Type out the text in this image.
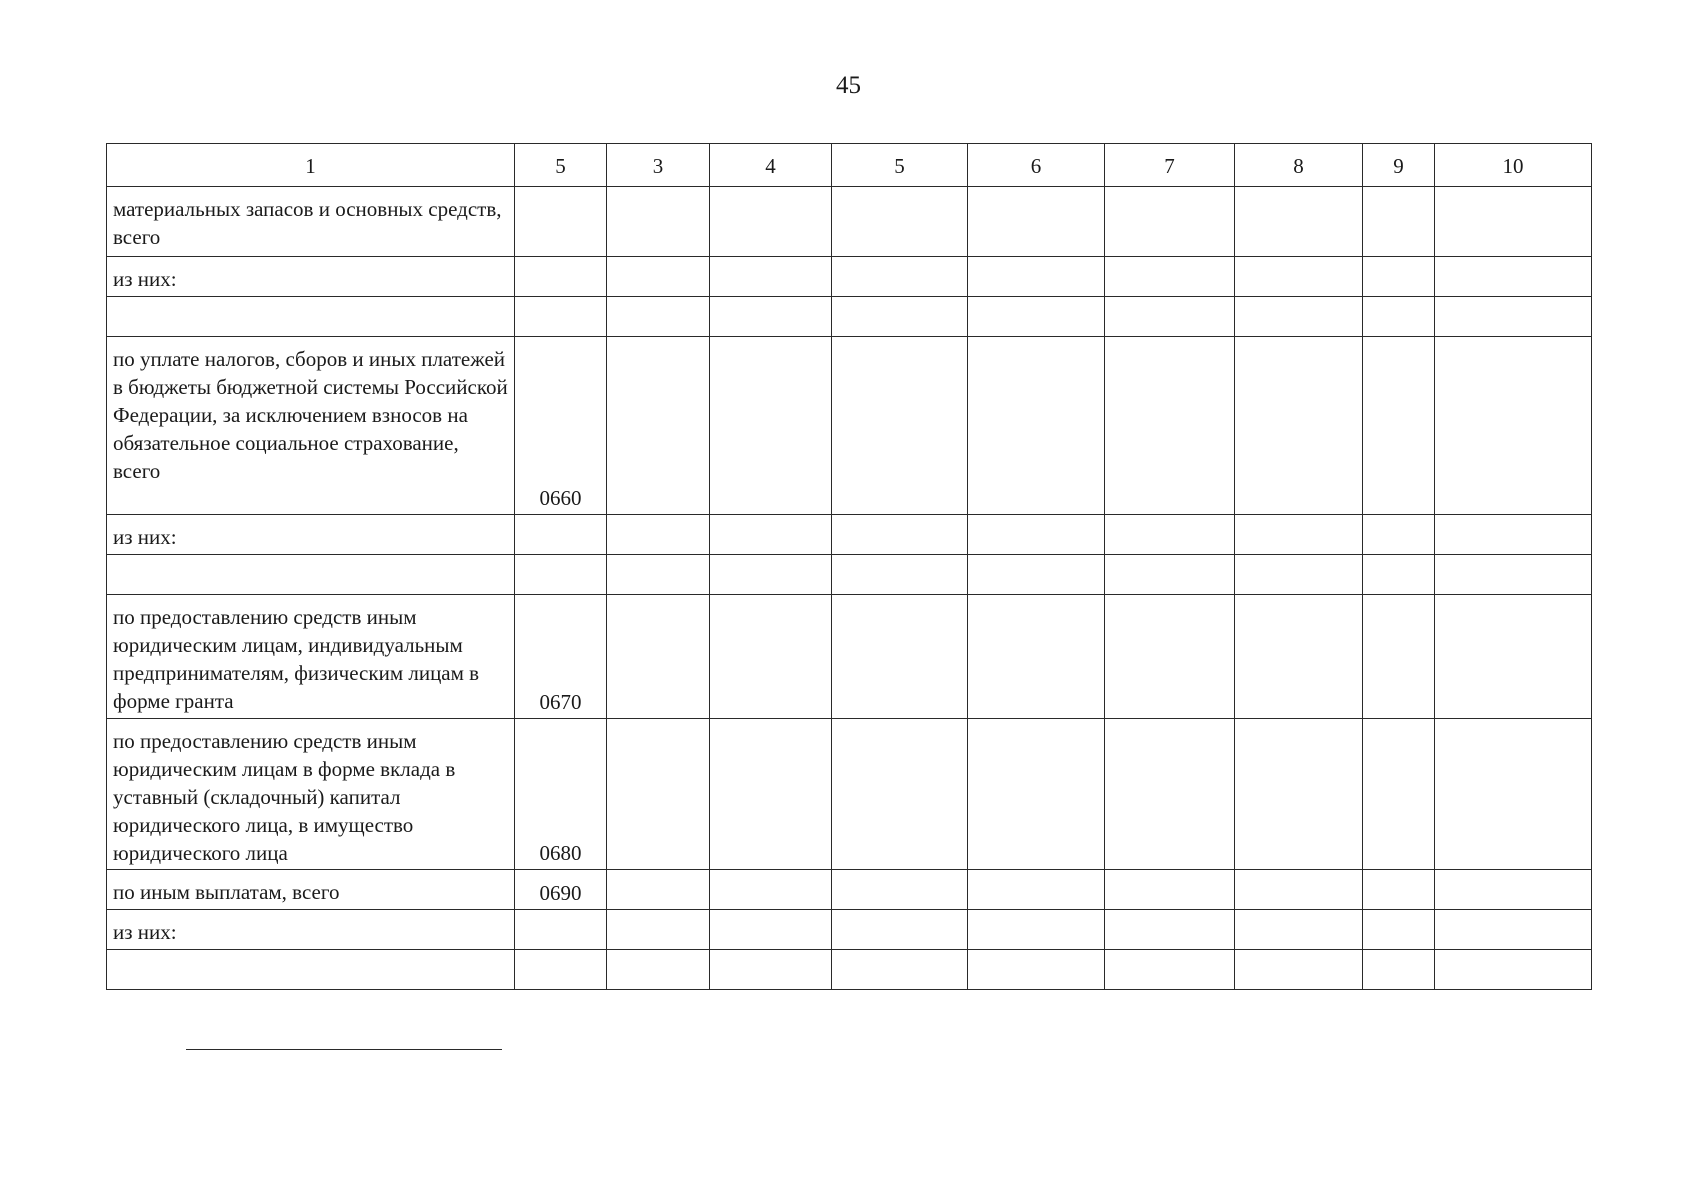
45
1	5	3	4	5	6	7	8	9	10
материальных запасов и основных средств, всего									
из них:									

по уплате налогов, сборов и иных платежей в бюджеты бюджетной системы Российской Федерации, за исключением взносов на обязательное социальное страхование, всего	0660								
из них:									

по предоставлению средств иным юридическим лицам, индивидуальным предпринимателям, физическим лицам в форме гранта	0670								
по предоставлению средств иным юридическим лицам в форме вклада в уставный (складочный) капитал юридического лица, в имущество юридического лица	0680								
по иным выплатам, всего	0690								
из них:									
